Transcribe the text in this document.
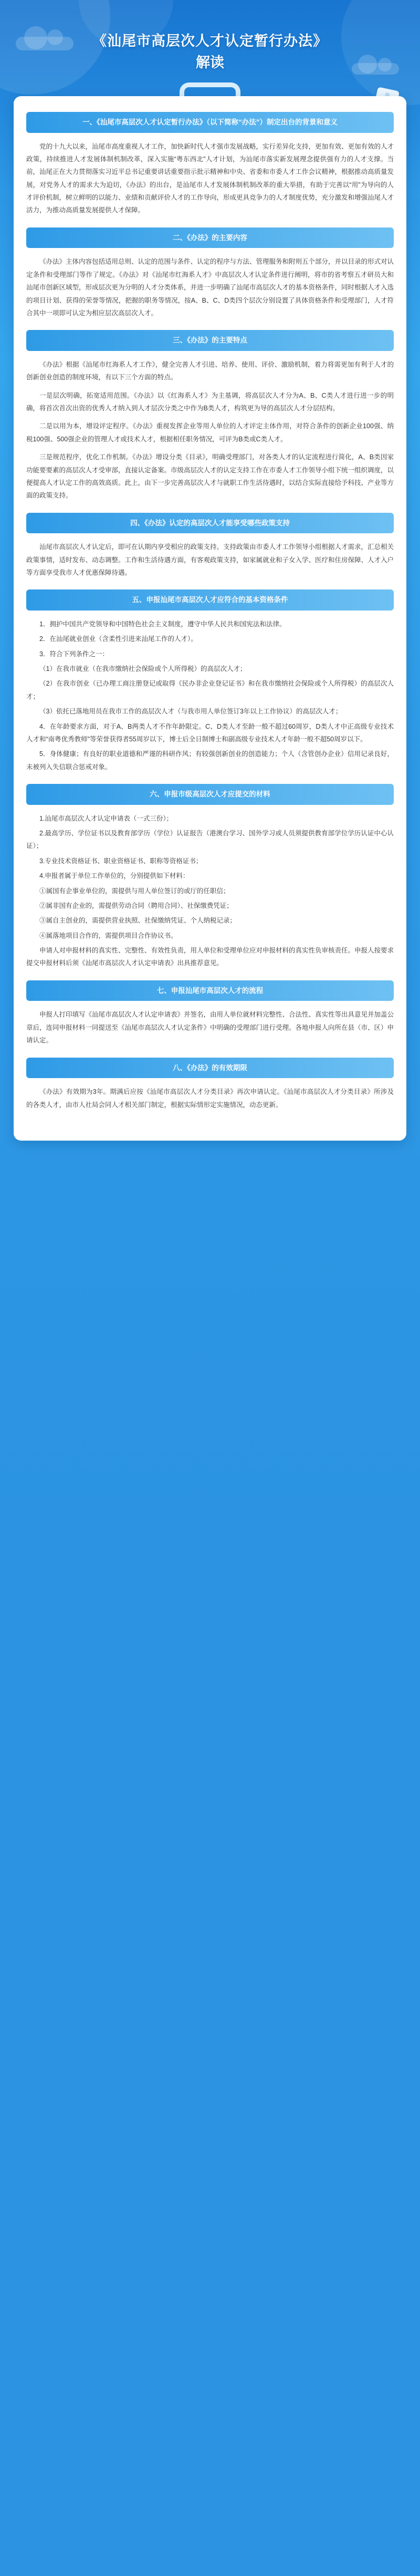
《汕尾市高层次人才认定暂行办法》
解读
一、《汕尾市高层次人才认定暂行办法》（以下简称“办法”）制定出台的背景和意义

党的十九大以来，汕尾市高度重视人才工作，加快新时代人才强市发展战略，实行差异化支持，更加有效、更加有效的人才政策，持续推进人才发展体制机制改革，深入实施“粤东西北”人才计划，为汕尾市落实新发展理念提供强有力的人才支撑。当前，汕尾正在大力贯彻落实习近平总书记重要讲话重要指示批示精神和中央、省委和市委人才工作会议精神，根据推动高质量发展，对党务人才的需求大为迫切，《办法》的出台，是汕尾市人才发展体制机制改革的重大举措，有助于完善以“用”为导向的人才评价机制，树立鲜明的以能力、业绩和贡献评价人才的工作导向，形成更具竞争力的人才制度优势，充分激发和增强汕尾人才活力，为推动高质量发展提供人才保障。

二、《办法》的主要内容

《办法》主体内容包括适用总则、认定的范围与条件、认定的程序与方法、管理服务和附则五个部分，并以目录的形式对认定条件和受理部门等作了规定。《办法》对《汕尾市红海系人才》中高层次人才认定条件进行阐明，将市的省考察五才研员大和汕尾市创新区域型，形成层次更为分明的人才分类体系，并进一步明确了汕尾市高层次人才的基本资格条件，同时根据人才入选的项目计划、获得的荣誉等情况，把握的职务等情况，按A、B、C、D类四个层次分别设置了具体资格条件和受理部门，人才符合其中一项即可认定为相应层次高层次人才。

三、《办法》的主要特点

《办法》根据《汕尾市红海系人才工作》，健全完善人才引进、培养、使用、评价、激励机制，着力将需更加有利于人才的创新创业创造的制度环境，有以下三个方面的特点。

一是层次明确，拓宽适用范围。《办法》以《红海系人才》为主基调，将高层次人才分为A、B、C类人才进行进一步的明确，将首次首次出资的优秀人才纳入到人才层次分类之中作为B类人才，构筑更为导的高层次人才分层结构。

二是以用为本，增设评定程序。《办法》重视发挥企业等用人单位的人才评定主体作用，对符合条件的创新企业100强、纳税100强、500强企业的管理人才或技术人才，根据相任职务情况，可评为B类或C类人才。

三是规范程序，优化工作机制。《办法》增设分类《目录》，明确受理部门，对各类人才的认定流程进行简化，A、B类因家功能要要素的高层次人才受审部，直接认定备案。市级高层次人才的认定支持工作在市委人才工作领导小组下统一组织调度，以便提高人才认定工作的高效高质。此上，由下一步完善高层次人才与就职工作生活待遇时，以结合实际直接给予科技、产业等方面的政策支持。

四、《办法》认定的高层次人才能享受哪些政策支持

汕尾市高层次人才认定后，即可在认期内享受相应的政策支持。支持政策由市委人才工作领导小组根据人才需求，汇总相关政策事情，适时发布、动态调整。工作和生活待遇方面，有客观政策支持，如家属就业和子女入学、医疗和住房保障、人才入户等方面享受我市人才优惠保障待遇。

五、申报汕尾市高层次人才应符合的基本资格条件

1．拥护中国共产党领导和中国特色社会主义制度，遵守中华人民共和国宪法和法律。

2．在汕尾就业创业（含柔性引进来汕尾工作的人才）。

3．符合下列条件之一：

（1）在我市就业（在我市缴纳社会保险或个人所得税）的高层次人才；

（2）在我市创业（已办理工商注册登记或取得《民办非企业登记证书》和在我市缴纳社会保险或个人所得税）的高层次人才；

（3）依托已落地用员在我市工作的高层次人才（与我市用人单位签订3年以上工作协议）的高层次人才；

4．在年龄要求方面，对于A、B两类人才不作年龄限定。C、D类人才至龄一般不超过60周岁，D类人才中正高级专业技术人才和“南粤优秀教师”等荣誉获得者55周岁以下，博士后全日制博士和副高级专业技术人才年龄一般不超50周岁以下。

5．身体健康；有良好的职业道德和严谨的科研作风；有较强创新创业的创造能力；个人（含管创办企业）信用记录良好，未被列入失信联合惩戒对象。

六、申报市级高层次人才应提交的材料

1.汕尾市高层次人才认定申请表（一式三份）；

2.最高学历、学位证书以及教育部学历（学位）认证报告（港澳台学习、国外学习或人员须提供教育部学位学历认证中心认证）；

3.专业技术资格证书、职业资格证书、职称等资格证书；

4.申报者属于单位工作单位的，分别提供如下材料：

①属国有企事业单位的，需提供与用人单位签订的或厅的任职信；

②属非国有企业的，需提供劳动合同（聘用合同）、社保缴费凭证；

③属自主创业的，需提供营业执照、社保缴纳凭证、个人纳税记录；

④属落地项目合作的，需提供项目合作协议书。

申请人对申报材料的真实性、完整性、有效性负责，用人单位和受理单位应对申报材料的真实性负审核责任。申报人按要求提交申报材料后须《汕尾市高层次人才认定申请表》出具推荐意见。

七、申报汕尾市高层次人才的流程

申报人打印填写《汕尾市高层次人才认定申请表》并签名，由用人单位就材料完整性、合法性、真实性等出具意见并加盖公章后，连同申报材料一同提送至《汕尾市高层次人才认定条件》中明确的受理部门进行受理。各地申报人向所在县（市、区）申请认定。

八、《办法》的有效期限

《办法》有效期为3年。期满后应按《汕尾市高层次人才分类目录》再次申请认定。《汕尾市高层次人才分类目录》所涉及的各类人才，由市人社局会同人才相关部门制定，根据实际情形定实施情况，动态更新。
